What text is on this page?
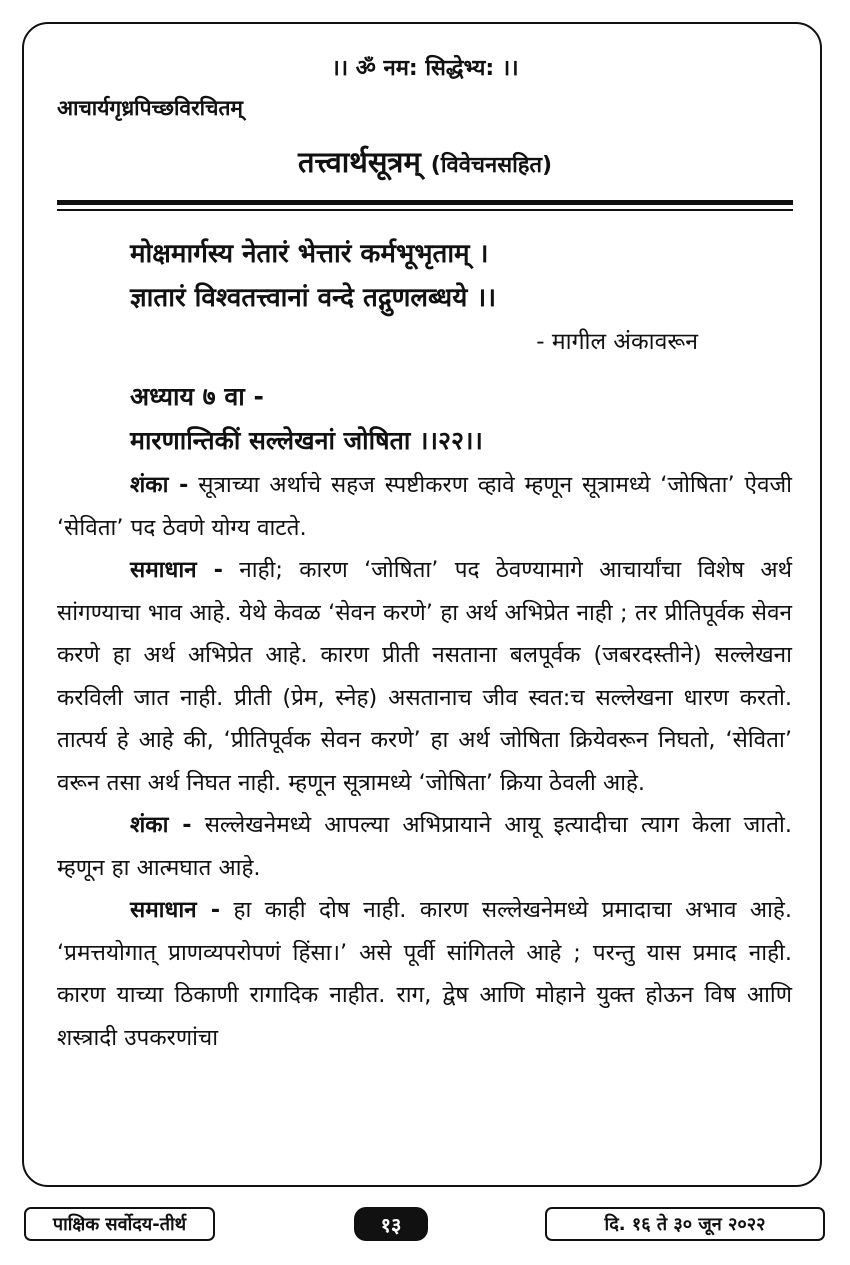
।। ॐ नम: सिद्धेभ्य: ।।
आचार्यगृध्रपिच्छविरचितम्
तत्त्वार्थसूत्रम् (विवेचनसहित)
मोक्षमार्गस्य नेतारं भेत्तारं कर्मभूभृताम् ।
ज्ञातारं विश्वतत्त्वानां वन्दे तद्गुणलब्धये ।।
- मागील अंकावरून
अध्याय ७ वा -
मारणान्तिकीं सल्लेखनां जोषिता ।।२२।।

शंका - सूत्राच्या अर्थाचे सहज स्पष्टीकरण व्हावे म्हणून सूत्रामध्ये ‘जोषिता’ ऐवजी ‘सेविता’ पद ठेवणे योग्य वाटते.

समाधान - नाही; कारण ‘जोषिता’ पद ठेवण्यामागे आचार्यांचा विशेष अर्थ सांगण्याचा भाव आहे. येथे केवळ ‘सेवन करणे’ हा अर्थ अभिप्रेत नाही ; तर प्रीतिपूर्वक सेवन करणे हा अर्थ अभिप्रेत आहे. कारण प्रीती नसताना बलपूर्वक (जबरदस्तीने) सल्लेखना करविली जात नाही. प्रीती (प्रेम, स्नेह) असतानाच जीव स्वत:च सल्लेखना धारण करतो. तात्पर्य हे आहे की, ‘प्रीतिपूर्वक सेवन करणे’ हा अर्थ जोषिता क्रियेवरून निघतो, ‘सेविता’ वरून तसा अर्थ निघत नाही. म्हणून सूत्रामध्ये ‘जोषिता’ क्रिया ठेवली आहे.

शंका - सल्लेखनेमध्ये आपल्या अभिप्रायाने आयू इत्यादीचा त्याग केला जातो. म्हणून हा आत्मघात आहे.

समाधान - हा काही दोष नाही. कारण सल्लेखनेमध्ये प्रमादाचा अभाव आहे. ‘प्रमत्तयोगात् प्राणव्यपरोपणं हिंसा।’ असे पूर्वी सांगितले आहे ; परन्तु यास प्रमाद नाही. कारण याच्या ठिकाणी रागादिक नाहीत. राग, द्वेष आणि मोहाने युक्त होऊन विष आणि शस्त्रादी उपकरणांचा

पाक्षिक सर्वोदय-तीर्थ	१३	दि. १६ ते ३० जून २०२२
